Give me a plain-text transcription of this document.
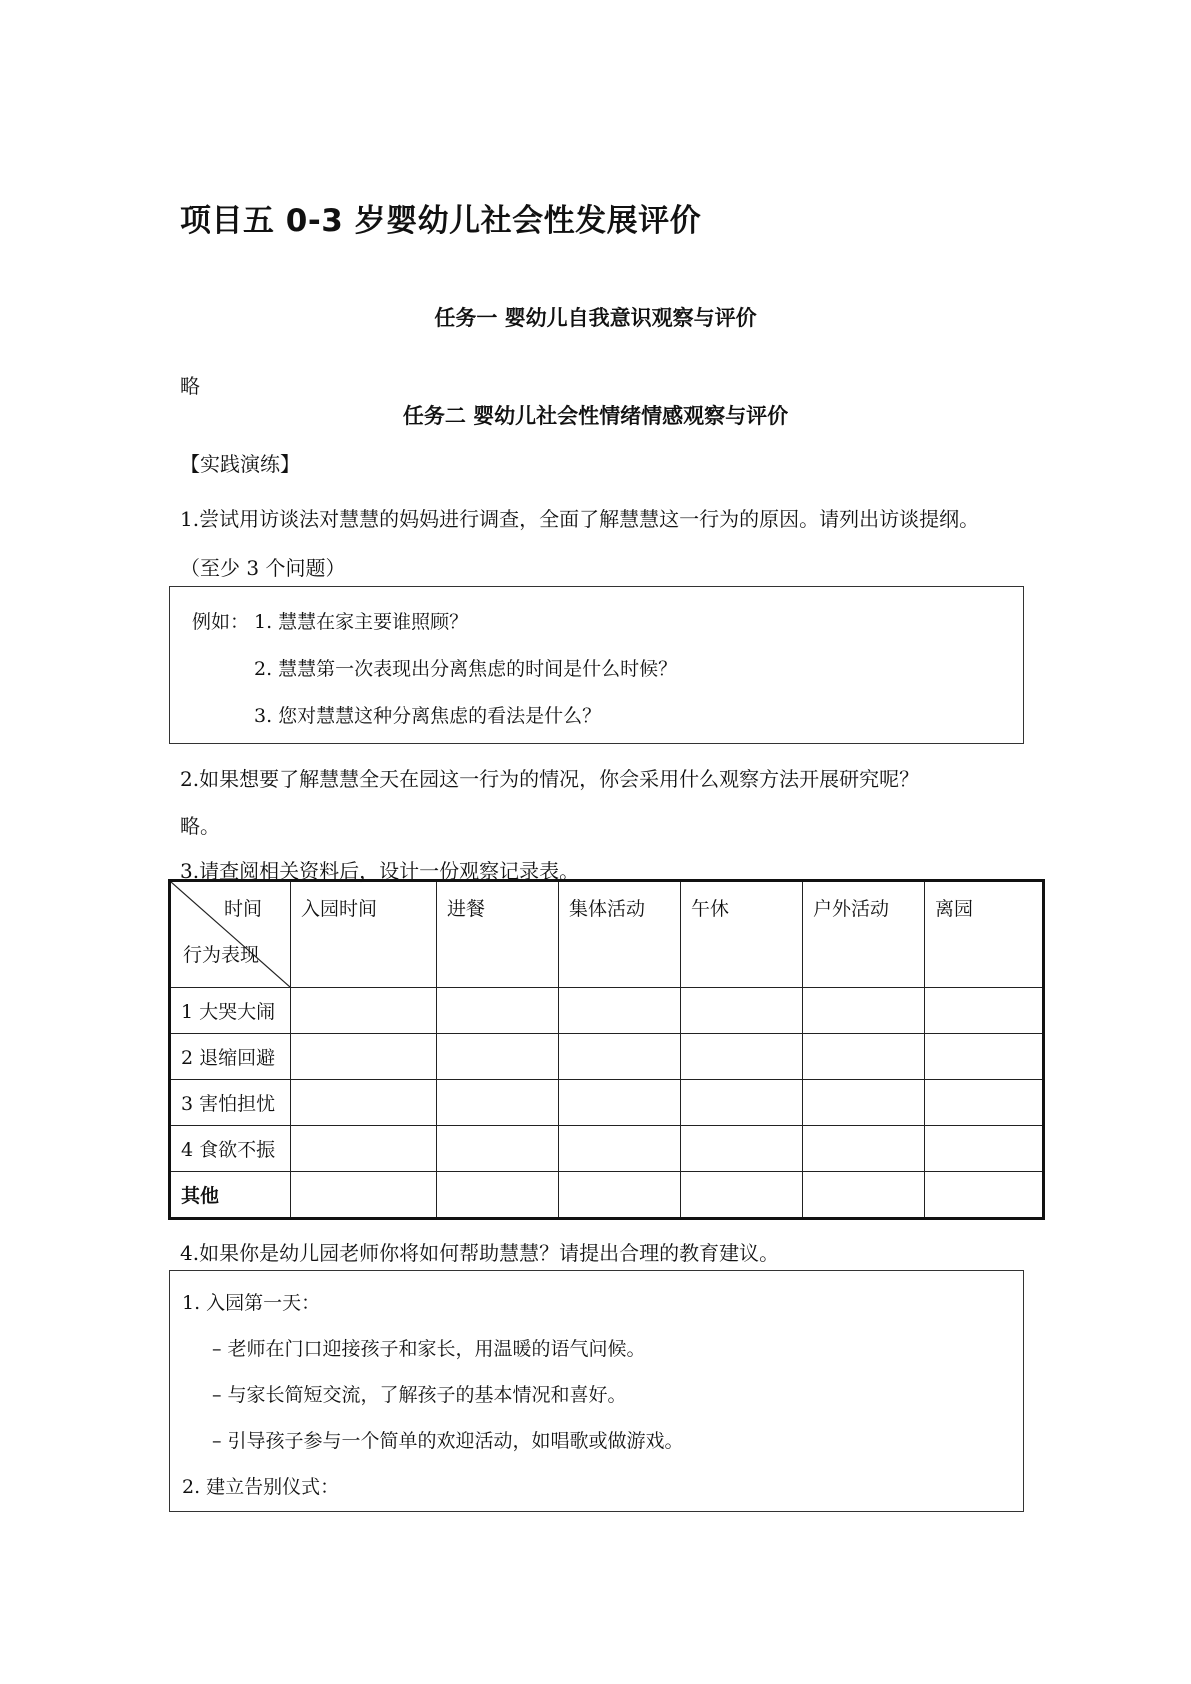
项目五 0-3 岁婴幼儿社会性发展评价
任务一 婴幼儿自我意识观察与评价
略
任务二 婴幼儿社会性情绪情感观察与评价
【实践演练】
1.尝试用访谈法对慧慧的妈妈进行调查，全面了解慧慧这一行为的原因。请列出访谈提纲。
（至少 3 个问题）
例如： 1. 慧慧在家主要谁照顾？
2. 慧慧第一次表现出分离焦虑的时间是什么时候？
3. 您对慧慧这种分离焦虑的看法是什么？
2.如果想要了解慧慧全天在园这一行为的情况，你会采用什么观察方法开展研究呢？
略。
3.请查阅相关资料后，设计一份观察记录表。
时间
行为表现	入园时间	进餐	集体活动	午休	户外活动	离园
1 大哭大闹						
2 退缩回避						
3 害怕担忧						
4 食欲不振						
其他						
4.如果你是幼儿园老师你将如何帮助慧慧？请提出合理的教育建议。
1. 入园第一天：
– 老师在门口迎接孩子和家长，用温暖的语气问候。
– 与家长简短交流，了解孩子的基本情况和喜好。
– 引导孩子参与一个简单的欢迎活动，如唱歌或做游戏。
2. 建立告别仪式：
